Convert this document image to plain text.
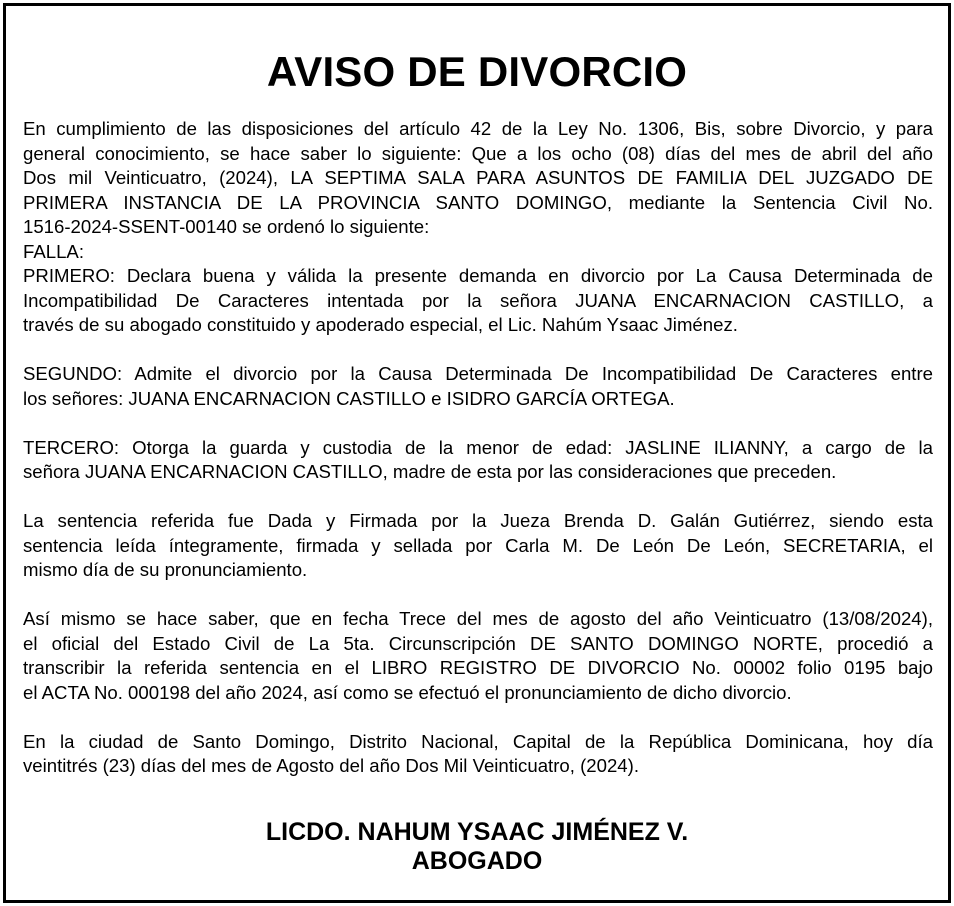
AVISO DE DIVORCIO
En cumplimiento de las disposiciones del artículo 42 de la Ley No. 1306, Bis, sobre Divorcio, y para
general conocimiento, se hace saber lo siguiente: Que a los ocho (08) días del mes de abril del año
Dos mil Veinticuatro, (2024), LA SEPTIMA SALA PARA ASUNTOS DE FAMILIA DEL JUZGADO DE
PRIMERA INSTANCIA DE LA PROVINCIA SANTO DOMINGO, mediante la Sentencia Civil No.
1516-2024-SSENT-00140 se ordenó lo siguiente:
FALLA:
PRIMERO: Declara buena y válida la presente demanda en divorcio por La Causa Determinada de
Incompatibilidad De Caracteres intentada por la señora JUANA ENCARNACION CASTILLO, a
través de su abogado constituido y apoderado especial, el Lic. Nahúm Ysaac Jiménez.
SEGUNDO: Admite el divorcio por la Causa Determinada De Incompatibilidad De Caracteres entre
los señores: JUANA ENCARNACION CASTILLO e ISIDRO GARCÍA ORTEGA.
TERCERO: Otorga la guarda y custodia de la menor de edad: JASLINE ILIANNY, a cargo de la
señora JUANA ENCARNACION CASTILLO, madre de esta por las consideraciones que preceden.
La sentencia referida fue Dada y Firmada por la Jueza Brenda D. Galán Gutiérrez, siendo esta
sentencia leída íntegramente, firmada y sellada por Carla M. De León De León, SECRETARIA, el
mismo día de su pronunciamiento.
Así mismo se hace saber, que en fecha Trece del mes de agosto del año Veinticuatro (13/08/2024),
el oficial del Estado Civil de La 5ta. Circunscripción DE SANTO DOMINGO NORTE, procedió a
transcribir la referida sentencia en el LIBRO REGISTRO DE DIVORCIO No. 00002 folio 0195 bajo
el ACTA No. 000198 del año 2024, así como se efectuó el pronunciamiento de dicho divorcio.
En la ciudad de Santo Domingo, Distrito Nacional, Capital de la República Dominicana, hoy día
veintitrés (23) días del mes de Agosto del año Dos Mil Veinticuatro, (2024).
LICDO. NAHUM YSAAC JIMÉNEZ V.
ABOGADO
